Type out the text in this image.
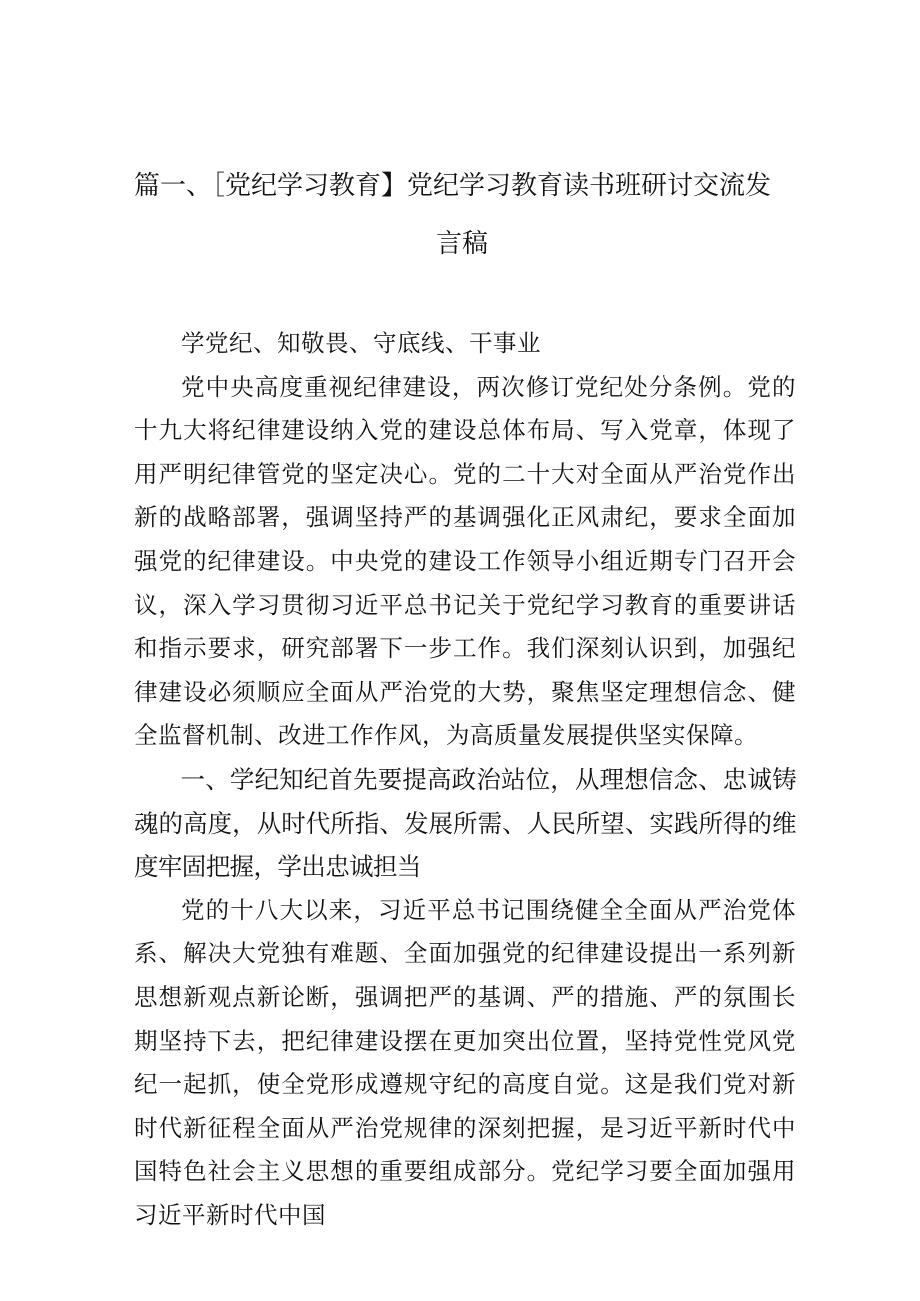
篇一、［党纪学习教育】党纪学习教育读书班研讨交流发
言稿

学党纪、知敬畏、守底线、干事业

党中央高度重视纪律建设，两次修订党纪处分条例。党的十九大将纪律建设纳入党的建设总体布局、写入党章，体现了用严明纪律管党的坚定决心。党的二十大对全面从严治党作出新的战略部署，强调坚持严的基调强化正风肃纪，要求全面加强党的纪律建设。中央党的建设工作领导小组近期专门召开会议，深入学习贯彻习近平总书记关于党纪学习教育的重要讲话和指示要求，研究部署下一步工作。我们深刻认识到，加强纪律建设必须顺应全面从严治党的大势，聚焦坚定理想信念、健全监督机制、改进工作作风，为高质量发展提供坚实保障。

一、学纪知纪首先要提高政治站位，从理想信念、忠诚铸魂的高度，从时代所指、发展所需、人民所望、实践所得的维度牢固把握，学出忠诚担当

党的十八大以来，习近平总书记围绕健全全面从严治党体系、解决大党独有难题、全面加强党的纪律建设提出一系列新思想新观点新论断，强调把严的基调、严的措施、严的氛围长期坚持下去，把纪律建设摆在更加突出位置，坚持党性党风党纪一起抓，使全党形成遵规守纪的高度自觉。这是我们党对新时代新征程全面从严治党规律的深刻把握，是习近平新时代中国特色社会主义思想的重要组成部分。党纪学习要全面加强用习近平新时代中国
